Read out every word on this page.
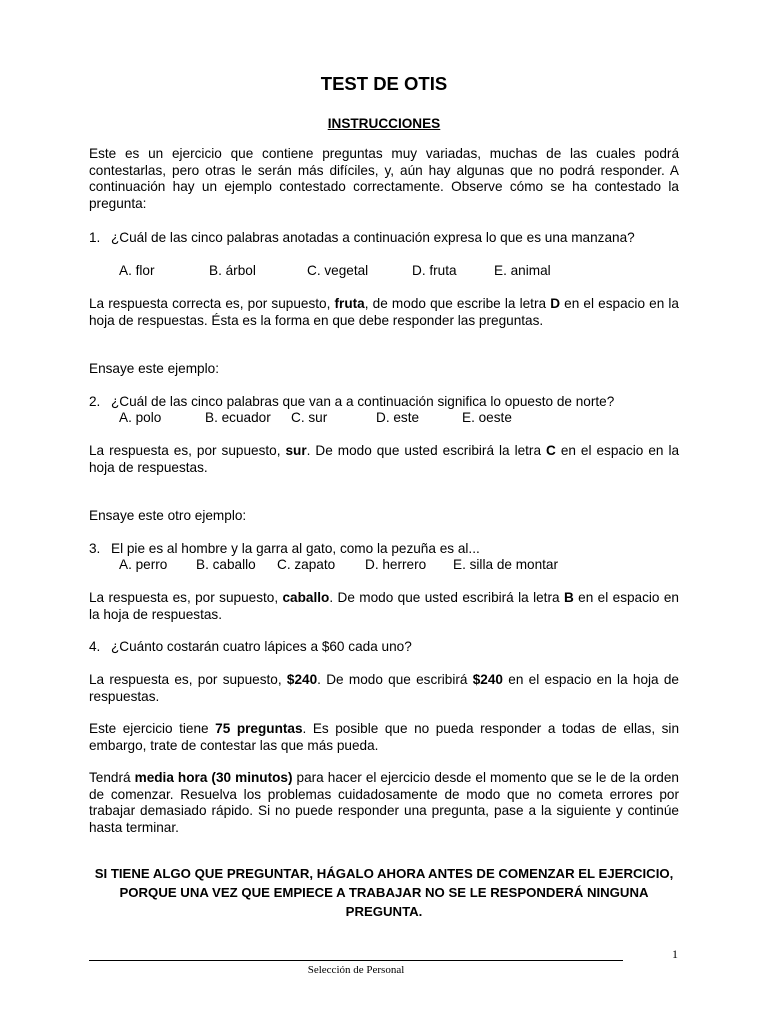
TEST DE OTIS
INSTRUCCIONES
Este es un ejercicio que contiene preguntas muy variadas, muchas de las cuales podrá contestarlas, pero otras le serán más difíciles, y, aún hay algunas que no podrá responder. A continuación hay un ejemplo contestado correctamente. Observe cómo se ha contestado la pregunta:
1. ¿Cuál de las cinco palabras anotadas a continuación expresa lo que es una manzana?
A. flor	B. árbol	C. vegetal	D. fruta	E. animal
La respuesta correcta es, por supuesto, fruta, de modo que escribe la letra D en el espacio en la hoja de respuestas. Ésta es la forma en que debe responder las preguntas.
Ensaye este ejemplo:
2. ¿Cuál de las cinco palabras que van a a continuación significa lo opuesto de norte?
A. polo	B. ecuador C. sur	D. este	E. oeste
La respuesta es, por supuesto, sur. De modo que usted escribirá la letra C en el espacio en la hoja de respuestas.
Ensaye este otro ejemplo:
3. El pie es al hombre y la garra al gato, como la pezuña es al...
A. perro B. caballo C. zapato D. herrero E. silla de montar
La respuesta es, por supuesto, caballo. De modo que usted escribirá la letra B en el espacio en la hoja de respuestas.
4. ¿Cuánto costarán cuatro lápices a $60 cada uno?
La respuesta es, por supuesto, $240. De modo que escribirá $240 en el espacio en la hoja de respuestas.
Este ejercicio tiene 75 preguntas. Es posible que no pueda responder a todas de ellas, sin embargo, trate de contestar las que más pueda.
Tendrá media hora (30 minutos) para hacer el ejercicio desde el momento que se le de la orden de comenzar. Resuelva los problemas cuidadosamente de modo que no cometa errores por trabajar demasiado rápido. Si no puede responder una pregunta, pase a la siguiente y continúe hasta terminar.
SI TIENE ALGO QUE PREGUNTAR, HÁGALO AHORA ANTES DE COMENZAR EL EJERCICIO, PORQUE UNA VEZ QUE EMPIECE A TRABAJAR NO SE LE RESPONDERÁ NINGUNA PREGUNTA.
1
Selección de Personal
